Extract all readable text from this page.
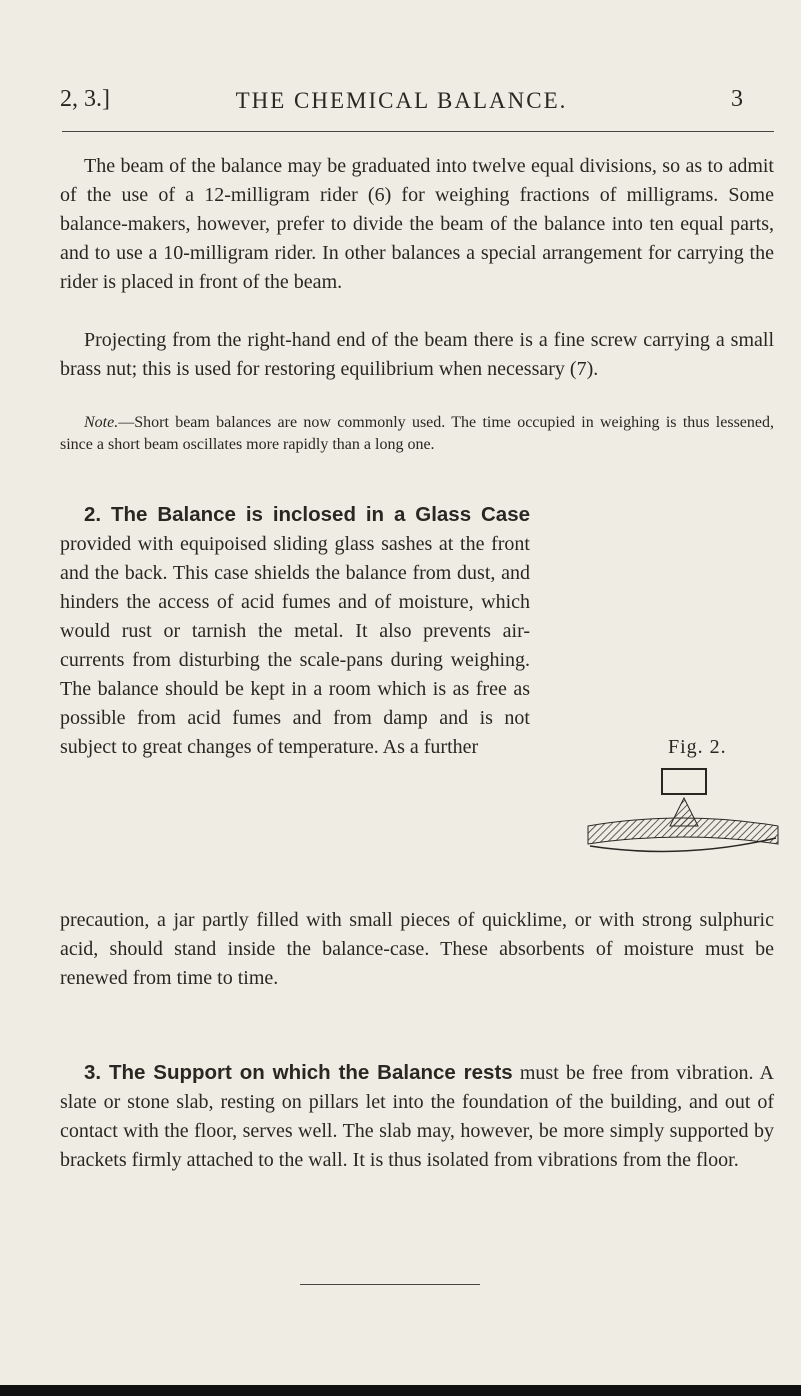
2, 3.]	THE CHEMICAL BALANCE.	3
The beam of the balance may be graduated into twelve equal divisions, so as to admit of the use of a 12-milligram rider (6) for weighing fractions of milligrams. Some balance-makers, however, prefer to divide the beam of the balance into ten equal parts, and to use a 10-milligram rider. In other balances a special arrangement for carrying the rider is placed in front of the beam.
Projecting from the right-hand end of the beam there is a fine screw carrying a small brass nut; this is used for restoring equilibrium when necessary (7).
Note.—Short beam balances are now commonly used. The time occupied in weighing is thus lessened, since a short beam oscillates more rapidly than a long one.
2. The Balance is inclosed in a Glass Case provided with equipoised sliding glass sashes at the front and the back. This case shields the balance from dust, and hinders the access of acid fumes and of moisture, which would rust or tarnish the metal. It also prevents air-currents from disturbing the scale-pans during weighing. The balance should be kept in a room which is as free as possible from acid fumes and from damp and is not subject to great changes of temperature. As a further
precaution, a jar partly filled with small pieces of quicklime, or with strong sulphuric acid, should stand inside the balance-case. These absorbents of moisture must be renewed from time to time.
Fig. 2.
3. The Support on which the Balance rests must be free from vibration. A slate or stone slab, resting on pillars let into the foundation of the building, and out of contact with the floor, serves well. The slab may, however, be more simply supported by brackets firmly attached to the wall. It is thus isolated from vibrations from the floor.
